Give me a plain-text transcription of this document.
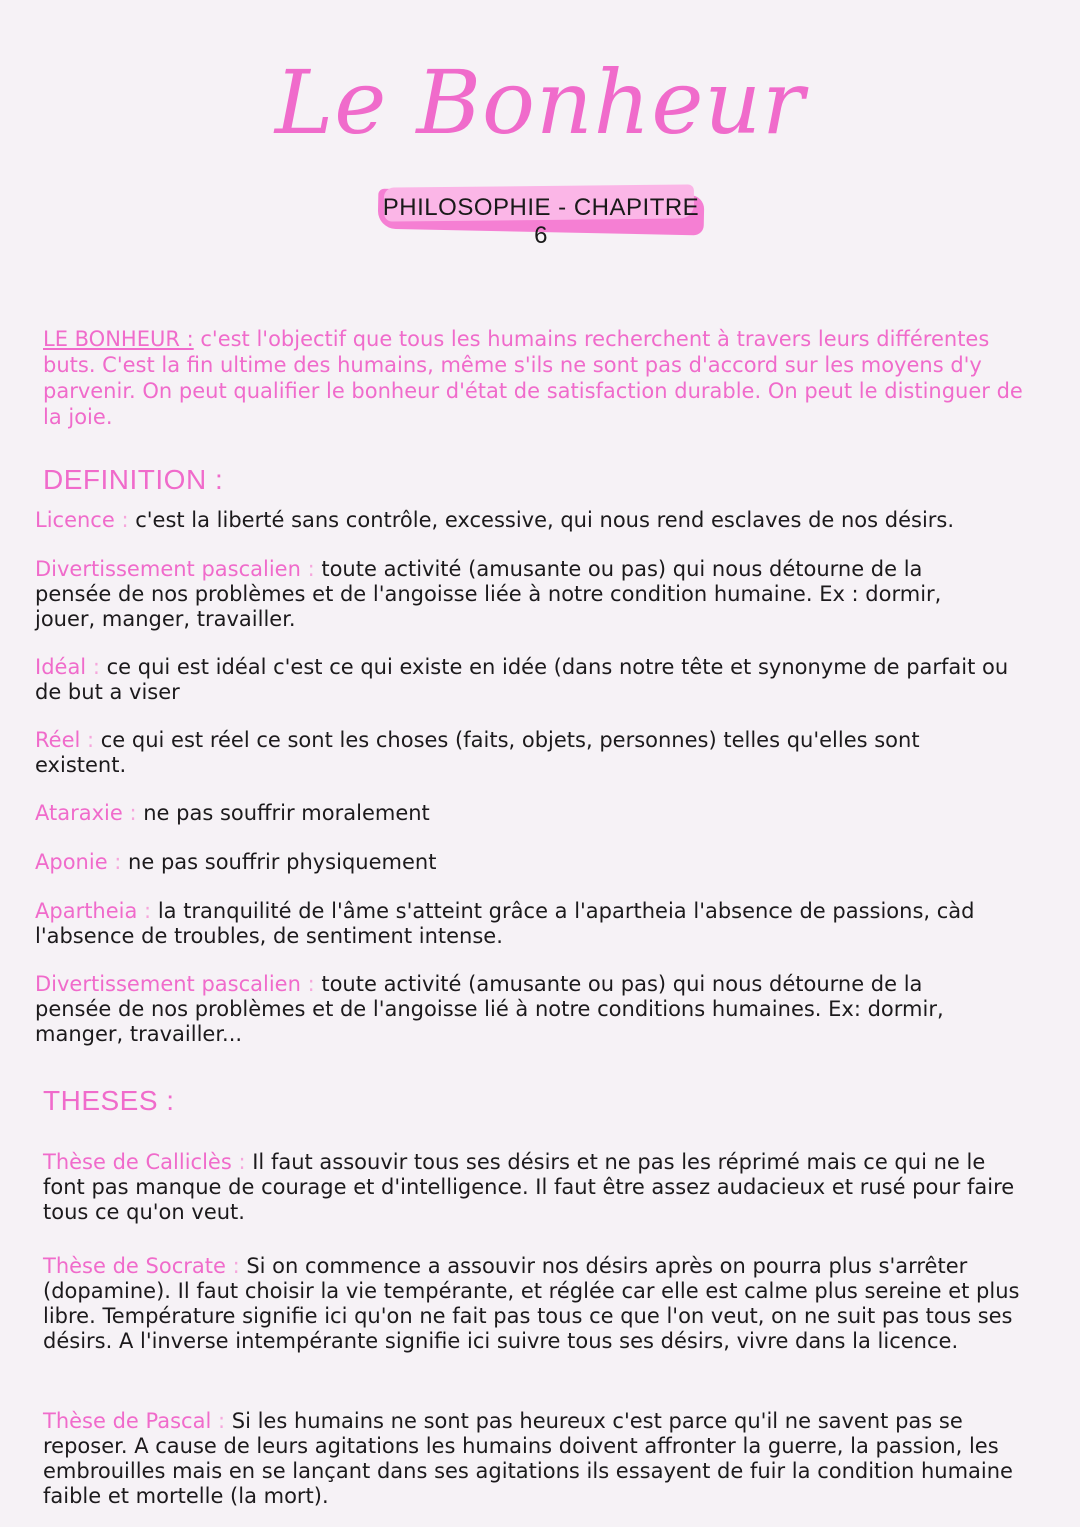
Le Bonheur
PHILOSOPHIE - CHAPITRE 6
LE BONHEUR : c'est l'objectif que tous les humains recherchent à travers leurs différentes buts. C'est la fin ultime des humains, même s'ils ne sont pas d'accord sur les moyens d'y parvenir. On peut qualifier le bonheur d'état de satisfaction durable. On peut le distinguer de la joie.
DEFINITION :
Licence : c'est la liberté sans contrôle, excessive, qui nous rend esclaves de nos désirs.
Divertissement pascalien : toute activité (amusante ou pas) qui nous détourne de la pensée de nos problèmes et de l'angoisse liée à notre condition humaine. Ex : dormir, jouer, manger, travailler.
Idéal : ce qui est idéal c'est ce qui existe en idée (dans notre tête et synonyme de parfait ou de but a viser
Réel : ce qui est réel ce sont les choses (faits, objets, personnes) telles qu'elles sont existent.
Ataraxie : ne pas souffrir moralement
Aponie : ne pas souffrir physiquement
Apartheia : la tranquilité de l'âme s'atteint grâce a l'apartheia l'absence de passions, càd l'absence de troubles, de sentiment intense.
Divertissement pascalien : toute activité (amusante ou pas) qui nous détourne de la pensée de nos problèmes et de l'angoisse lié à notre conditions humaines. Ex: dormir, manger, travailler...
THESES :
Thèse de Calliclès : Il faut assouvir tous ses désirs et ne pas les réprimé mais ce qui ne le font pas manque de courage et d'intelligence. Il faut être assez audacieux et rusé pour faire tous ce qu'on veut.
Thèse de Socrate : Si on commence a assouvir nos désirs après on pourra plus s'arrêter (dopamine). Il faut choisir la vie tempérante, et réglée car elle est calme plus sereine et plus libre. Température signifie ici qu'on ne fait pas tous ce que l'on veut, on ne suit pas tous ses désirs. A l'inverse intempérante signifie ici suivre tous ses désirs, vivre dans la licence.
Thèse de Pascal : Si les humains ne sont pas heureux c'est parce qu'il ne savent pas se reposer. A cause de leurs agitations les humains doivent affronter la guerre, la passion, les embrouilles mais en se lançant dans ses agitations ils essayent de fuir la condition humaine faible et mortelle (la mort).
